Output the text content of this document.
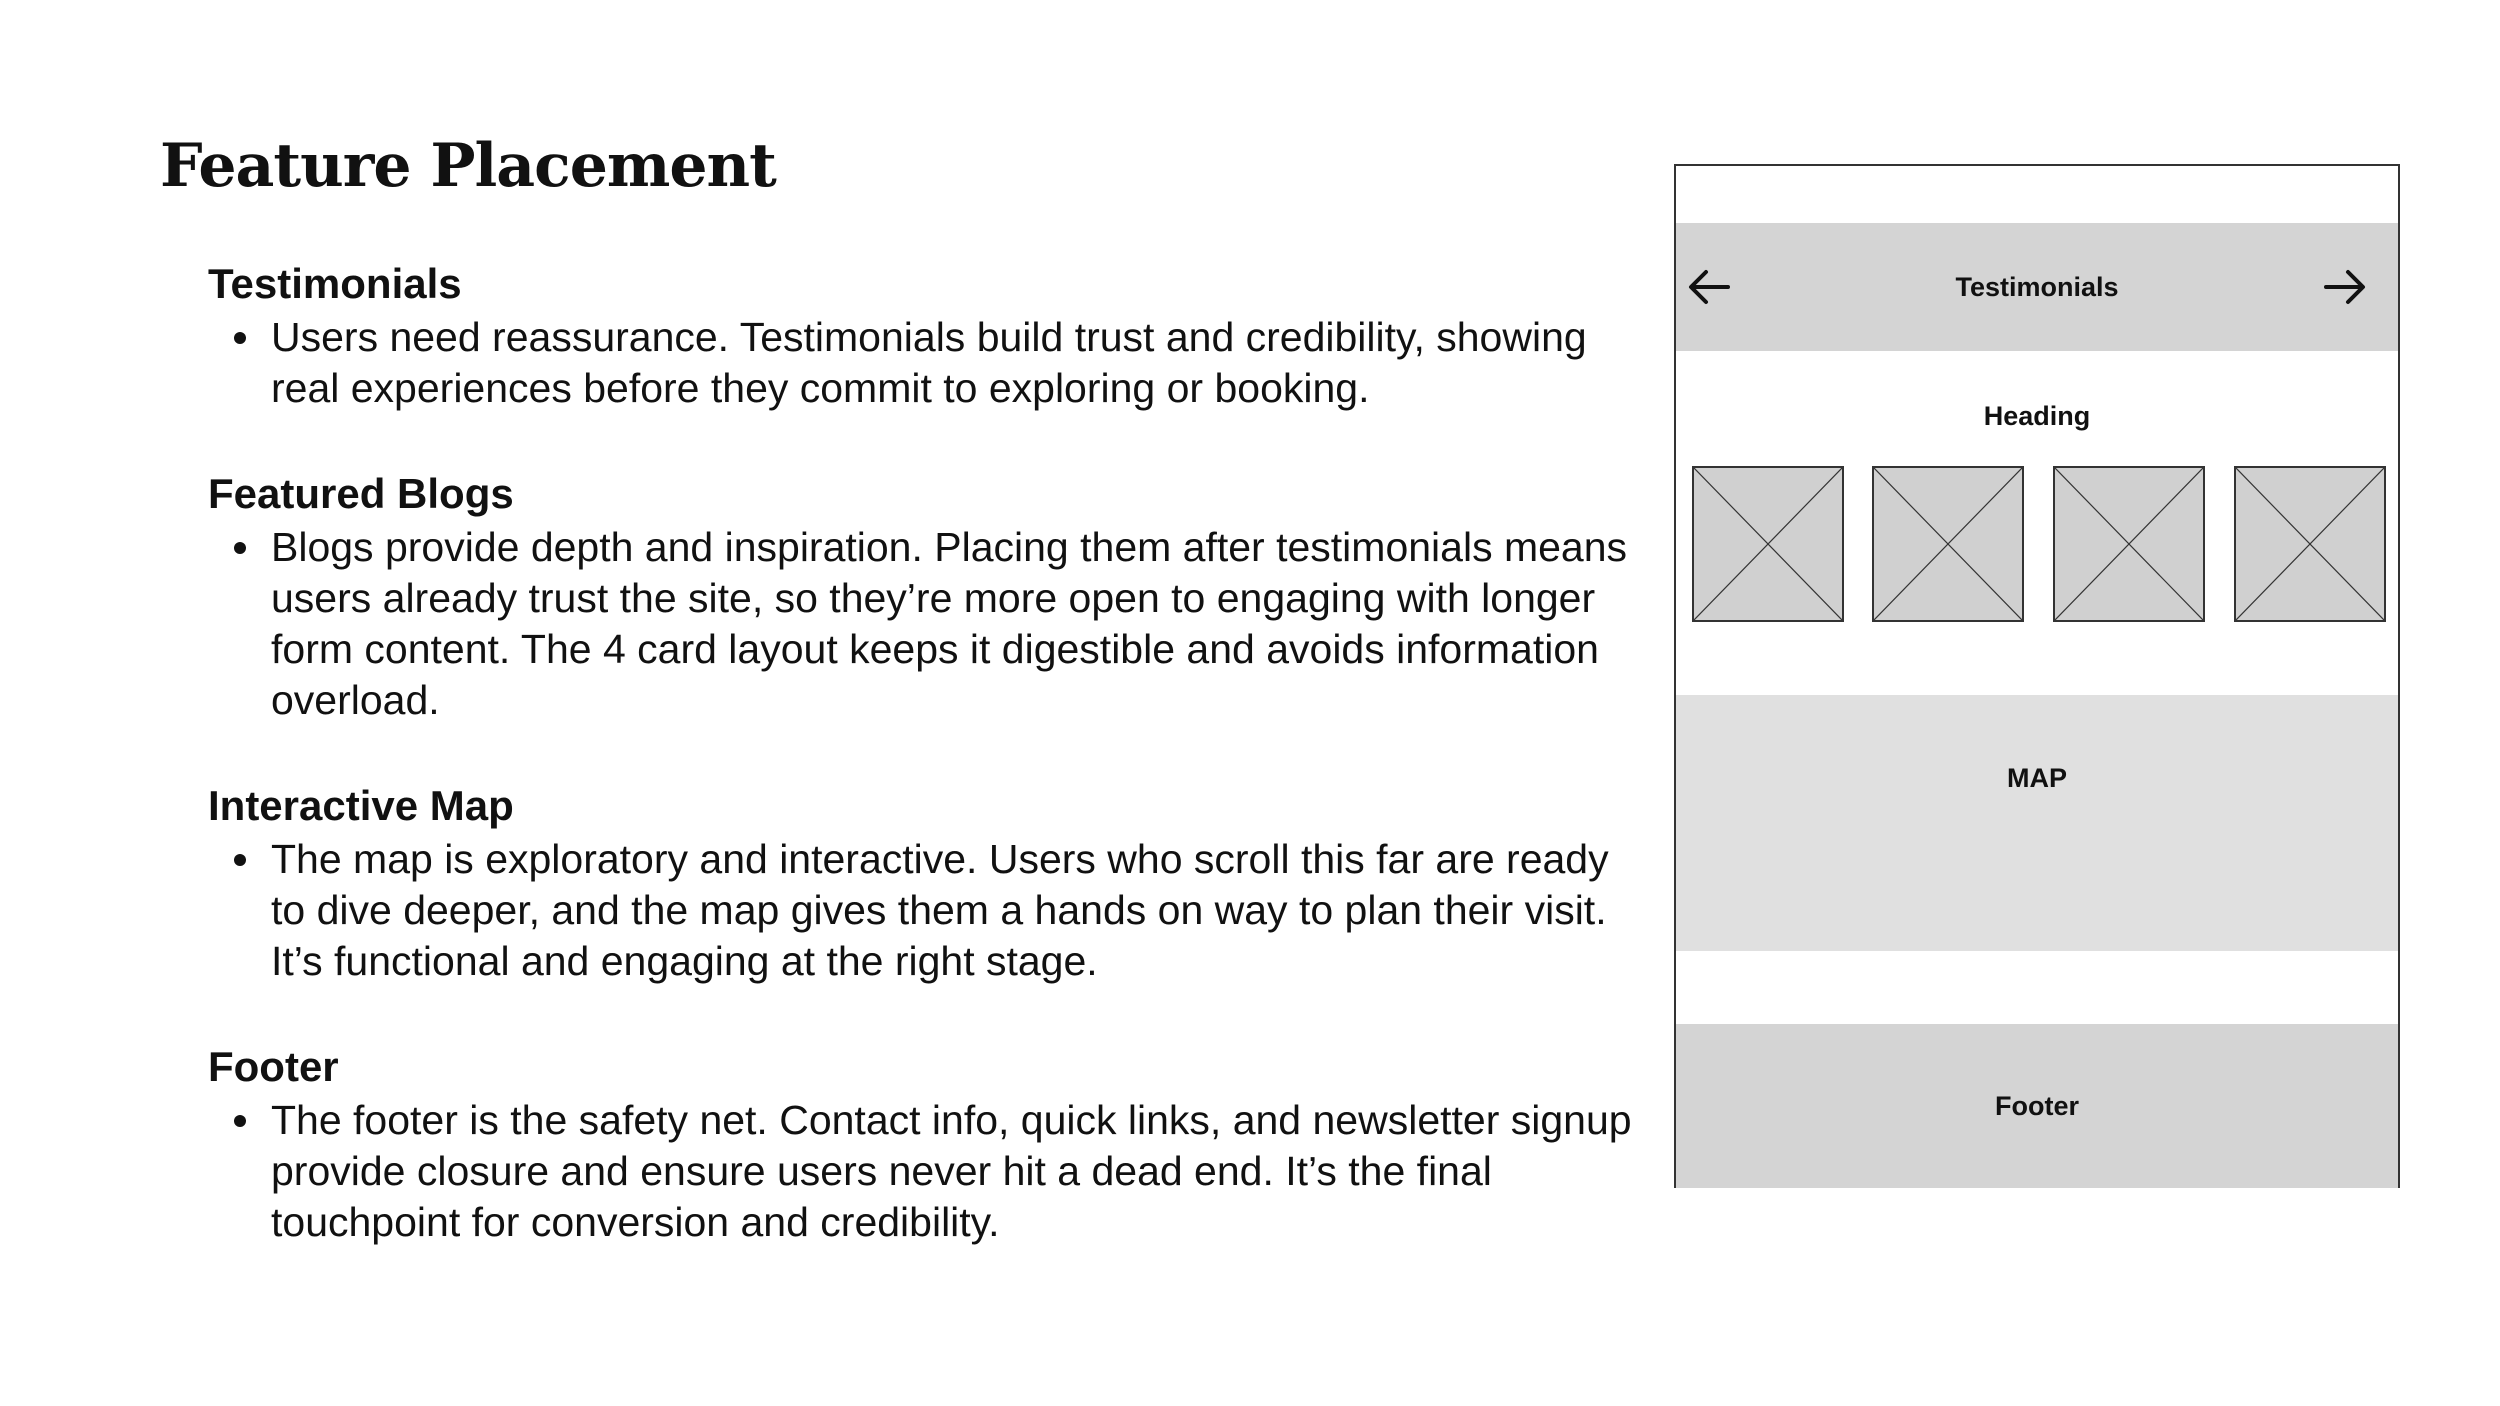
Feature Placement

Testimonials

Users need reassurance. Testimonials build trust and credibility, showing real experiences before they commit to exploring or booking.

Featured Blogs

Blogs provide depth and inspiration. Placing them after testimonials means users already trust the site, so they’re more open to engaging with longer form content. The 4 card layout keeps it digestible and avoids information overload.

Interactive Map

The map is exploratory and interactive. Users who scroll this far are ready to dive deeper, and the map gives them a hands on way to plan their visit. It’s functional and engaging at the right stage.

Footer

The footer is the safety net. Contact info, quick links, and newsletter signup provide closure and ensure users never hit a dead end. It’s the final touchpoint for conversion and credibility.
Testimonials
Heading
MAP
Footer
